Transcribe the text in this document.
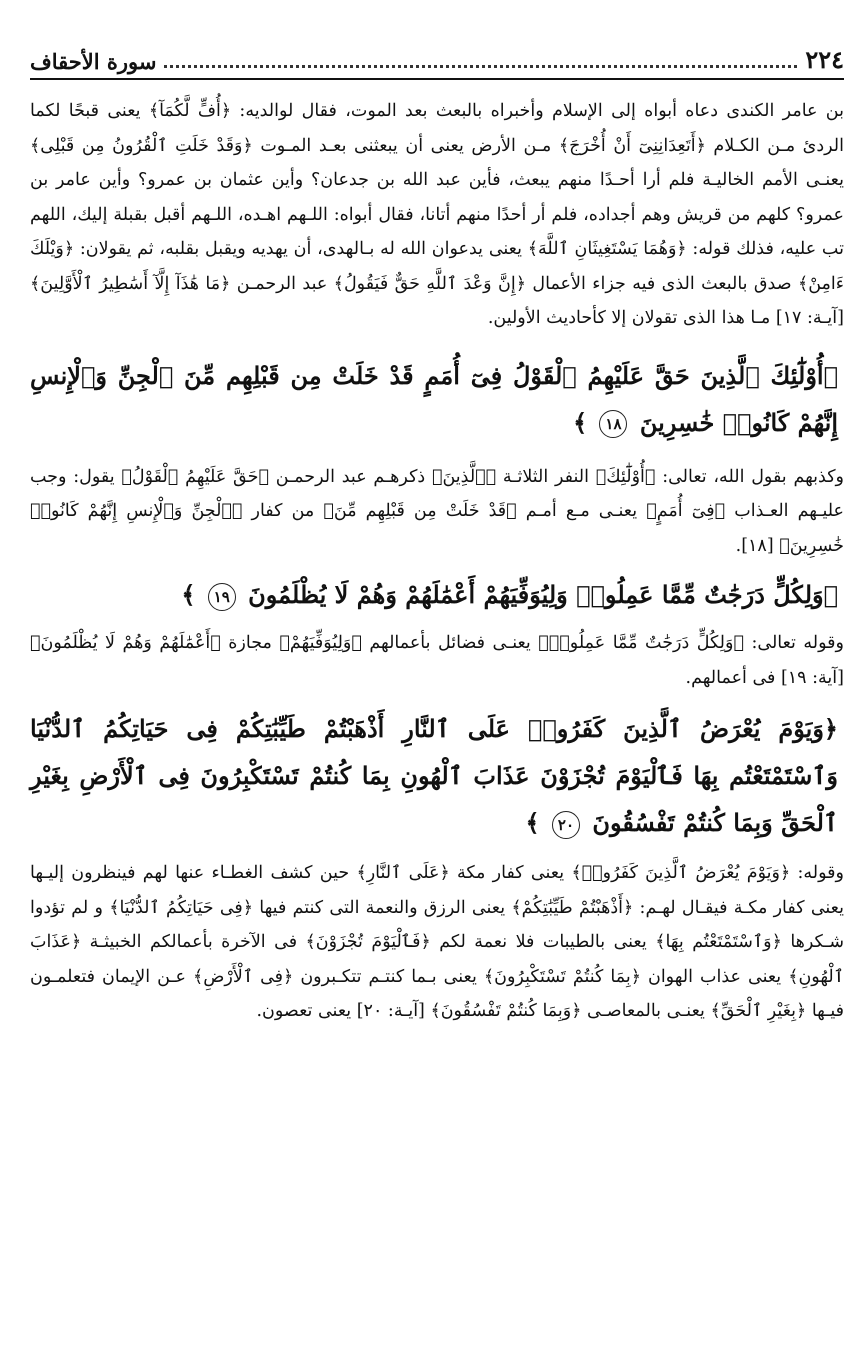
سورة الأحقاف	٢٢٤

بن عامر الكندى دعاه أبواه إلى الإسلام وأخبراه بالبعث بعد الموت، فقال لوالديه: ﴿أُفٍّ لَّكُمَآ﴾ يعنى قبحًا لكما الردئ مـن الكـلام ﴿أَتَعِدَانِنِىٓ أَنْ أُخْرَجَ﴾ مـن الأرض يعنى أن يبعثنى بعـد المـوت ﴿وَقَدْ خَلَتِ ٱلْقُرُونُ مِن قَبْلِى﴾ يعنـى الأمم الخاليـة فلم أرا أحـدًا منهم يبعث، فأين عبد الله بن جدعان؟ وأين عثمان بن عمرو؟ وأين عامر بن عمرو؟ كلهم من قريش وهم أجداده، فلم أر أحدًا منهم أتانا، فقال أبواه: اللـهم اهـده، اللـهم أقبل بقبلة إليك، اللهم تب عليه، فذلك قوله: ﴿وَهُمَا يَسْتَغِيثَانِ ٱللَّهَ﴾ يعنى يدعوان الله له بـالهدى، أن يهديه ويقبل بقلبه، ثم يقولان: ﴿وَيْلَكَ ءَامِنْ﴾ صدق بالبعث الذى فيه جزاء الأعمال ﴿إِنَّ وَعْدَ ٱللَّهِ حَقٌّ فَيَقُولُ﴾ عبد الرحمـن ﴿مَا هَٰذَآ إِلَّآ أَسَٰطِيرُ ٱلْأَوَّلِينَ﴾ [آيـة: ١٧] مـا هذا الذى تقولان إلا كأحاديث الأولين.

﴿أُوْلَٰٓئِكَ ٱلَّذِينَ حَقَّ عَلَيْهِمُ ٱلْقَوْلُ فِىٓ أُمَمٍ قَدْ خَلَتْ مِن قَبْلِهِم مِّنَ ٱلْجِنِّ وَٱلْإِنسِ إِنَّهُمْ كَانُوا۟ خَٰسِرِينَ ١٨ ﴾

وكذبهم بقول الله، تعالى: ﴿أُوْلَٰٓئِكَ﴾ النفر الثلاثـة ﴿ٱلَّذِينَ﴾ ذكرهـم عبد الرحمـن ﴿حَقَّ عَلَيْهِمُ ٱلْقَوْلُ﴾ يقول: وجب عليـهم العـذاب ﴿فِىٓ أُمَمٍ﴾ يعنـى مـع أمـم ﴿قَدْ خَلَتْ مِن قَبْلِهِم مِّنَ﴾ من كفار ﴿ٱلْجِنِّ وَٱلْإِنسِ إِنَّهُمْ كَانُوا۟ خَٰسِرِينَ﴾ [١٨].

﴿وَلِكُلٍّ دَرَجَٰتٌ مِّمَّا عَمِلُوا۟ وَلِيُوَفِّيَهُمْ أَعْمَٰلَهُمْ وَهُمْ لَا يُظْلَمُونَ ١٩ ﴾

وقوله تعالى: ﴿وَلِكُلٍّ دَرَجَٰتٌ مِّمَّا عَمِلُوا۟﴾ يعنـى فضائل بأعمالهم ﴿وَلِيُوَفِّيَهُمْ﴾ مجازة ﴿أَعْمَٰلَهُمْ وَهُمْ لَا يُظْلَمُونَ﴾ [آية: ١٩] فى أعمالهم.

﴿وَيَوْمَ يُعْرَضُ ٱلَّذِينَ كَفَرُوا۟ عَلَى ٱلنَّارِ أَذْهَبْتُمْ طَيِّبَٰتِكُمْ فِى حَيَاتِكُمُ ٱلدُّنْيَا وَٱسْتَمْتَعْتُم بِهَا فَٱلْيَوْمَ تُجْزَوْنَ عَذَابَ ٱلْهُونِ بِمَا كُنتُمْ تَسْتَكْبِرُونَ فِى ٱلْأَرْضِ بِغَيْرِ ٱلْحَقِّ وَبِمَا كُنتُمْ تَفْسُقُونَ ٢٠ ﴾

وقوله: ﴿وَيَوْمَ يُعْرَضُ ٱلَّذِينَ كَفَرُوا۟﴾ يعنى كفار مكة ﴿عَلَى ٱلنَّارِ﴾ حين كشف الغطـاء عنها لهم فينظرون إليـها يعنى كفار مكـة فيقـال لهـم: ﴿أَذْهَبْتُمْ طَيِّبَٰتِكُمْ﴾ يعنى الرزق والنعمة التى كنتم فيها ﴿فِى حَيَاتِكُمُ ٱلدُّنْيَا﴾ و لم تؤدوا شـكرها ﴿وَٱسْتَمْتَعْتُم بِهَا﴾ يعنى بالطيبات فلا نعمة لكم ﴿فَٱلْيَوْمَ تُجْزَوْنَ﴾ فى الآخرة بأعمالكم الخبيثـة ﴿عَذَابَ ٱلْهُونِ﴾ يعنى عذاب الهوان ﴿بِمَا كُنتُمْ تَسْتَكْبِرُونَ﴾ يعنى بـما كنتـم تتكـبرون ﴿فِى ٱلْأَرْضِ﴾ عـن الإيمان فتعلمـون فيـها ﴿بِغَيْرِ ٱلْحَقِّ﴾ يعنـى بالمعاصـى ﴿وَبِمَا كُنتُمْ تَفْسُقُونَ﴾ [آيـة: ٢٠] يعنى تعصون.
